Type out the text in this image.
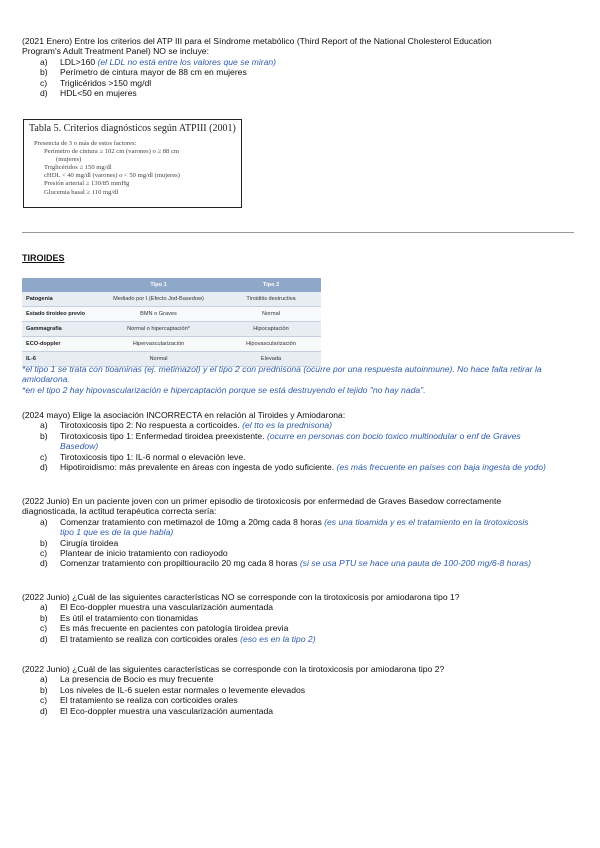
(2021 Enero) Entre los criterios del ATP III para el Síndrome metabólico (Third Report of the National Cholesterol Education
Program's Adult Treatment Panel) NO se incluye:
a) LDL>160 (el LDL no está entre los valores que se miran)
b) Perímetro de cintura mayor de 88 cm en mujeres
c) Triglicéridos >150 mg/dl
d) HDL<50 en mujeres
Tabla 5. Criterios diagnósticos según ATPIII (2001)
Presencia de 3 o más de estos factores:
Perímetro de cintura ≥ 102 cm (varones) o ≥ 88 cm
(mujeres)
Triglicéridos ≥ 150 mg/dl
cHDL < 40 mg/dl (varones) o < 50 mg/dl (mujeres)
Presión arterial ≥ 130/85 mmHg
Glucemia basal ≥ 110 mg/dl
TIROIDES
	Tipo 1	Tipo 2
Patogenia	Mediado por I (Efecto Jod-Basedow)	Tiroiditis destructiva
Estado tiroideo previo	BMN o Graves	Normal
Gammagrafía	Normal o hipercaptación*	Hipocaptación
ECO-doppler	Hipervascularización	Hipovascularización
IL-6	Normal	Elevada
*el tipo 1 se trata con tioaminas (ej. metimazol) y el tipo 2 con prednisona (ocurre por una respuesta autoinmune). No hace falta retirar la
amiodarona.
*en el tipo 2 hay hipovascularización e hipercaptación porque se está destruyendo el tejido "no hay nada".
(2024 mayo) Elige la asociación INCORRECTA en relación al Tiroides y Amiodarona:
a) Tirotoxicosis tipo 2: No respuesta a corticoides. (el tto es la prednisona)
b) Tirotoxicosis tipo 1: Enfermedad tiroidea preexistente. (ocurre en personas con bocio toxico multinodular o enf de Graves
Basedow)
c) Tirotoxicosis tipo 1: IL-6 normal o elevación leve.
d) Hipotiroidismo: más prevalente en áreas con ingesta de yodo suficiente. (es más frecuente en países con baja ingesta de yodo)
(2022 Junio) En un paciente joven con un primer episodio de tirotoxicosis por enfermedad de Graves Basedow correctamente
diagnosticada, la actitud terapéutica correcta sería:
a) Comenzar tratamiento con metimazol de 10mg a 20mg cada 8 horas (es una tioamida y es el tratamiento en la tirotoxicosis
tipo 1 que es de la que habla)
b) Cirugía tiroidea
c) Plantear de inicio tratamiento con radioyodo
d) Comenzar tratamiento con propiltiouracilo 20 mg cada 8 horas (si se usa PTU se hace una pauta de 100-200 mg/6-8 horas)
(2022 Junio) ¿Cuál de las siguientes características NO se corresponde con la tirotoxicosis por amiodarona tipo 1?
a) El Eco-doppler muestra una vascularización aumentada
b) Es útil el tratamiento con tionamidas
c) Es más frecuente en pacientes con patología tiroidea previa
d) El tratamiento se realiza con corticoides orales (eso es en la tipo 2)
(2022 Junio) ¿Cuál de las siguientes características se corresponde con la tirotoxicosis por amiodarona tipo 2?
a) La presencia de Bocio es muy frecuente
b) Los niveles de IL-6 suelen estar normales o levemente elevados
c) El tratamiento se realiza con corticoides orales
d) El Eco-doppler muestra una vascularización aumentada
